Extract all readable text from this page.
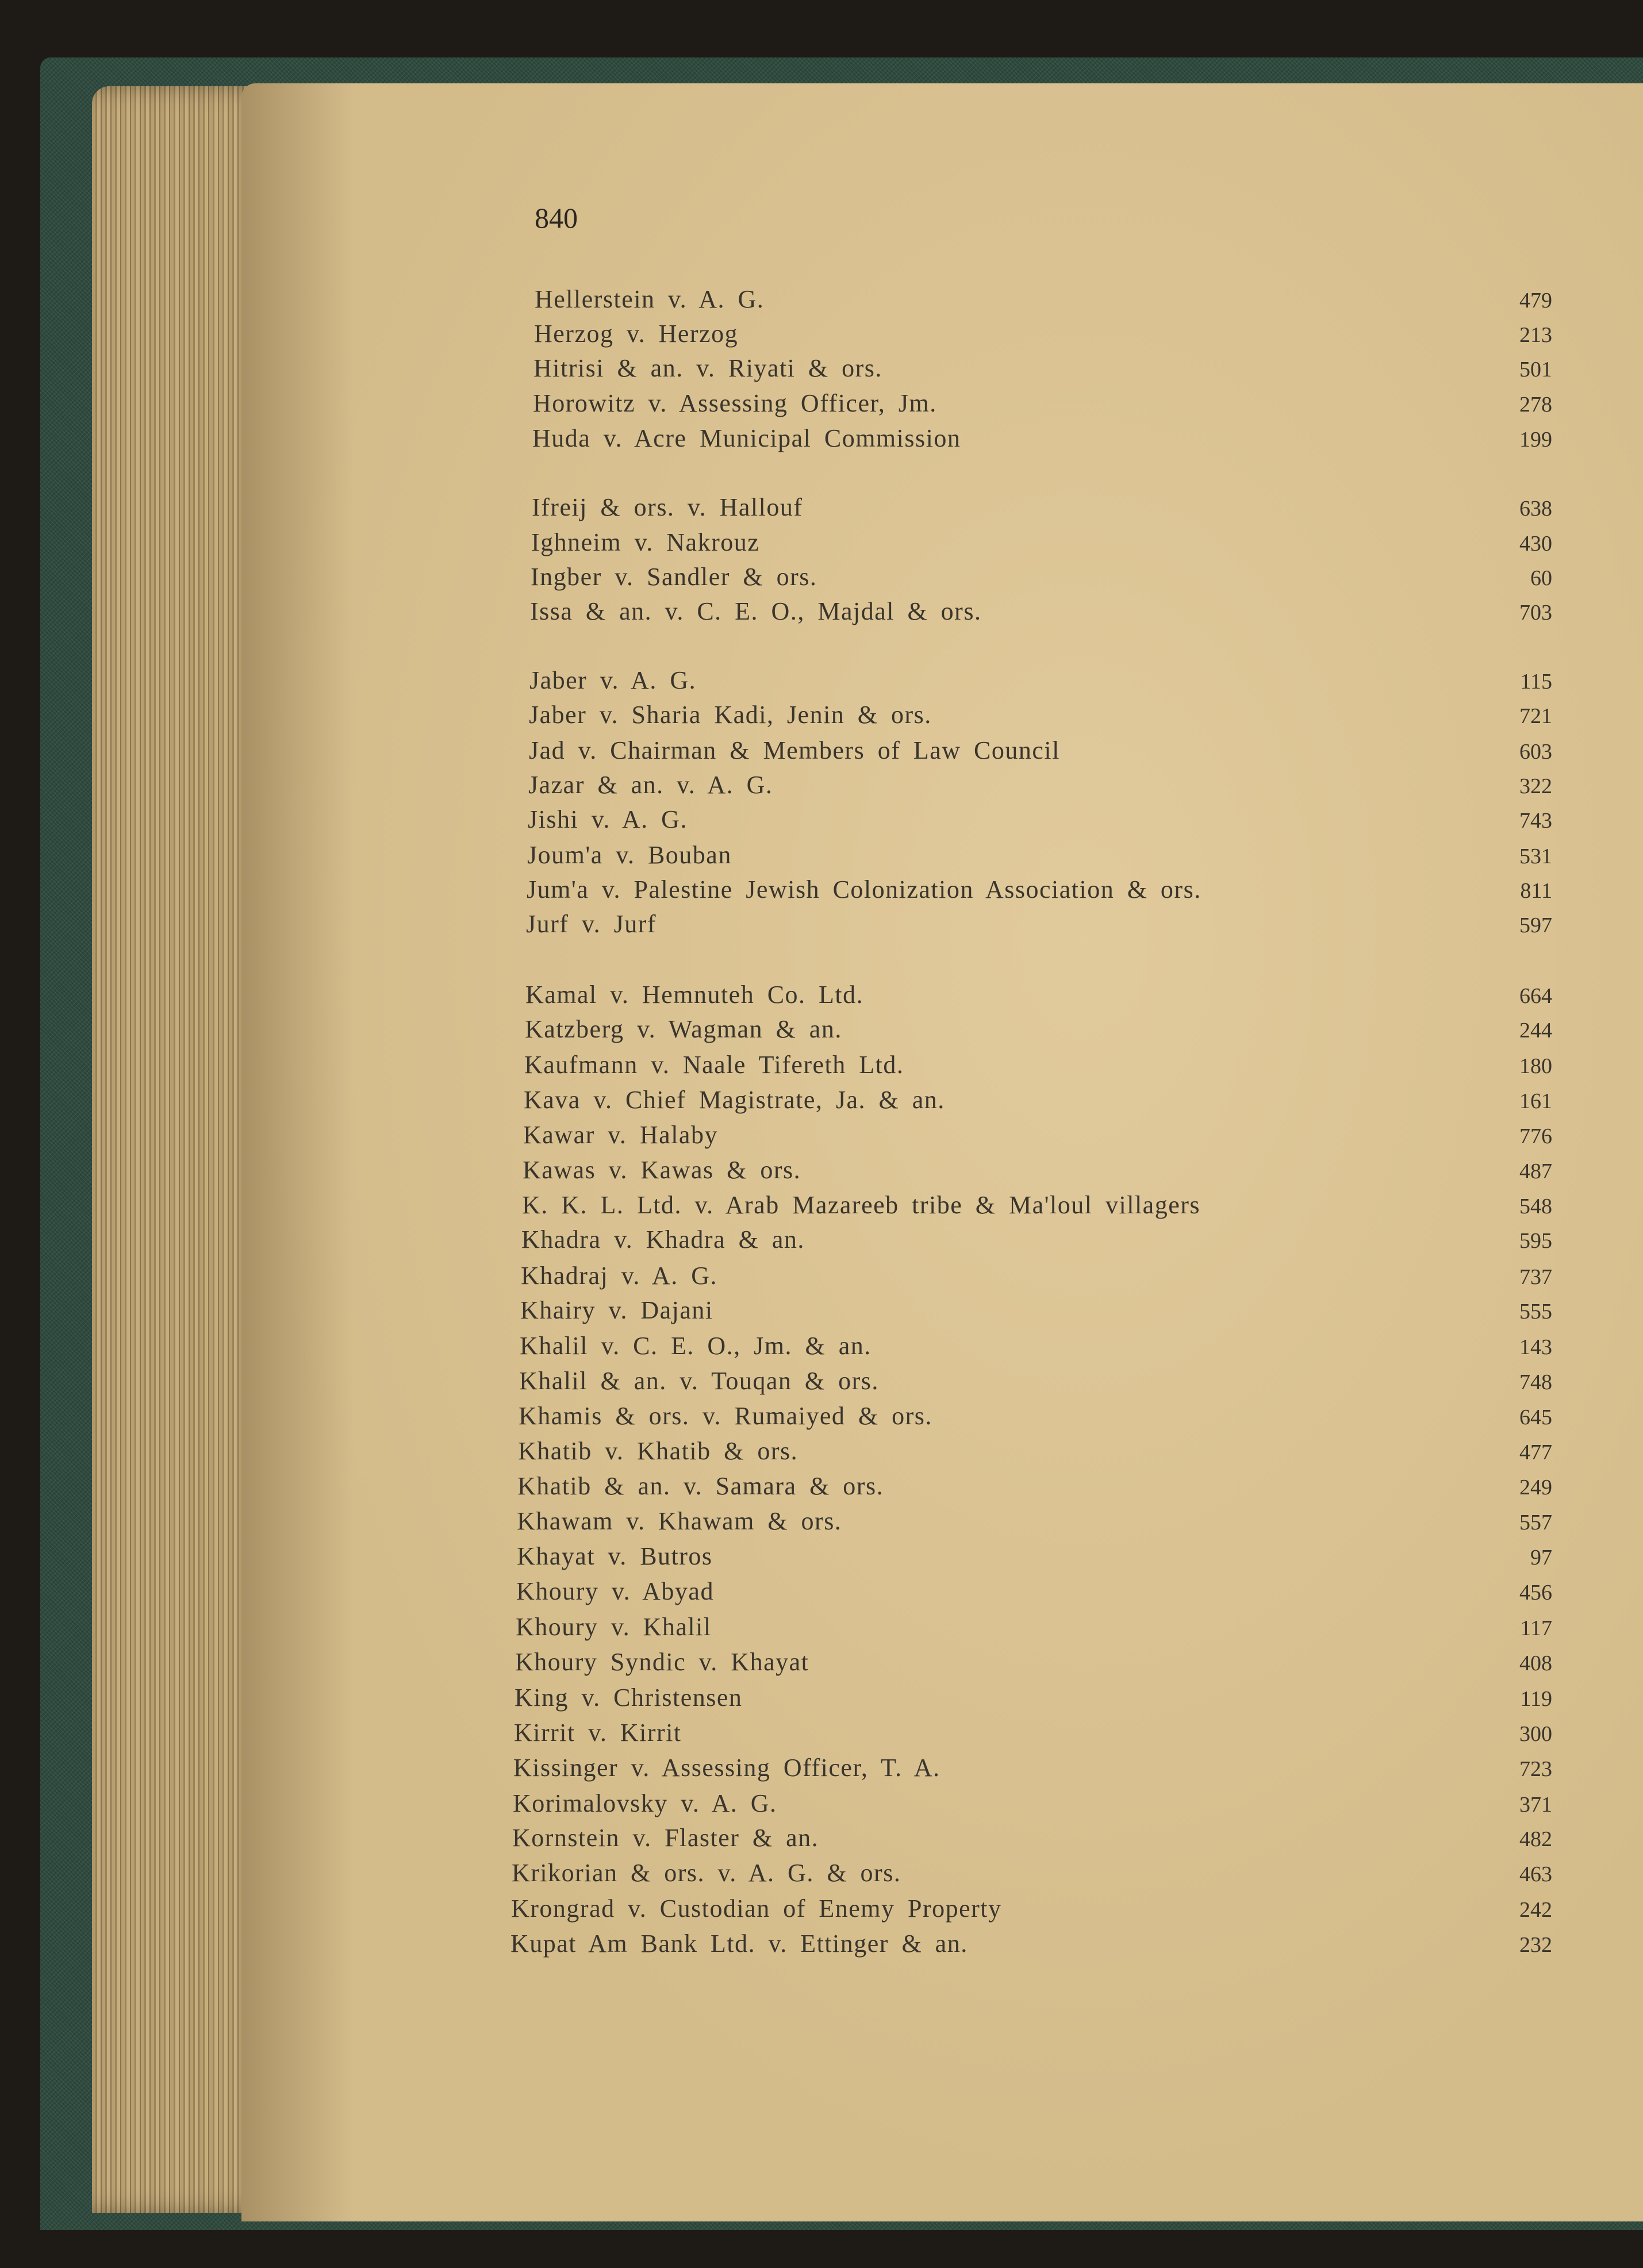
840
Hellerstein v. A. G.	479
Herzog v. Herzog	213
Hitrisi & an. v. Riyati & ors.	501
Horowitz v. Assessing Officer, Jm.	278
Huda v. Acre Municipal Commission	199
Ifreij & ors. v. Hallouf	638
Ighneim v. Nakrouz	430
Ingber v. Sandler & ors.	60
Issa & an. v. C. E. O., Majdal & ors.	703
Jaber v. A. G.	115
Jaber v. Sharia Kadi, Jenin & ors.	721
Jad v. Chairman & Members of Law Council	603
Jazar & an. v. A. G.	322
Jishi v. A. G.	743
Joum'a v. Bouban	531
Jum'a v. Palestine Jewish Colonization Association & ors.	811
Jurf v. Jurf	597
Kamal v. Hemnuteh Co. Ltd.	664
Katzberg v. Wagman & an.	244
Kaufmann v. Naale Tifereth Ltd.	180
Kava v. Chief Magistrate, Ja. & an.	161
Kawar v. Halaby	776
Kawas v. Kawas & ors.	487
K. K. L. Ltd. v. Arab Mazareeb tribe & Ma'loul villagers	548
Khadra v. Khadra & an.	595
Khadraj v. A. G.	737
Khairy v. Dajani	555
Khalil v. C. E. O., Jm. & an.	143
Khalil & an. v. Touqan & ors.	748
Khamis & ors. v. Rumaiyed & ors.	645
Khatib v. Khatib & ors.	477
Khatib & an. v. Samara & ors.	249
Khawam v. Khawam & ors.	557
Khayat v. Butros	97
Khoury v. Abyad	456
Khoury v. Khalil	117
Khoury Syndic v. Khayat	408
King v. Christensen	119
Kirrit v. Kirrit	300
Kissinger v. Assessing Officer, T. A.	723
Korimalovsky v. A. G.	371
Kornstein v. Flaster & an.	482
Krikorian & ors. v. A. G. & ors.	463
Krongrad v. Custodian of Enemy Property	242
Kupat Am Bank Ltd. v. Ettinger & an.	232
